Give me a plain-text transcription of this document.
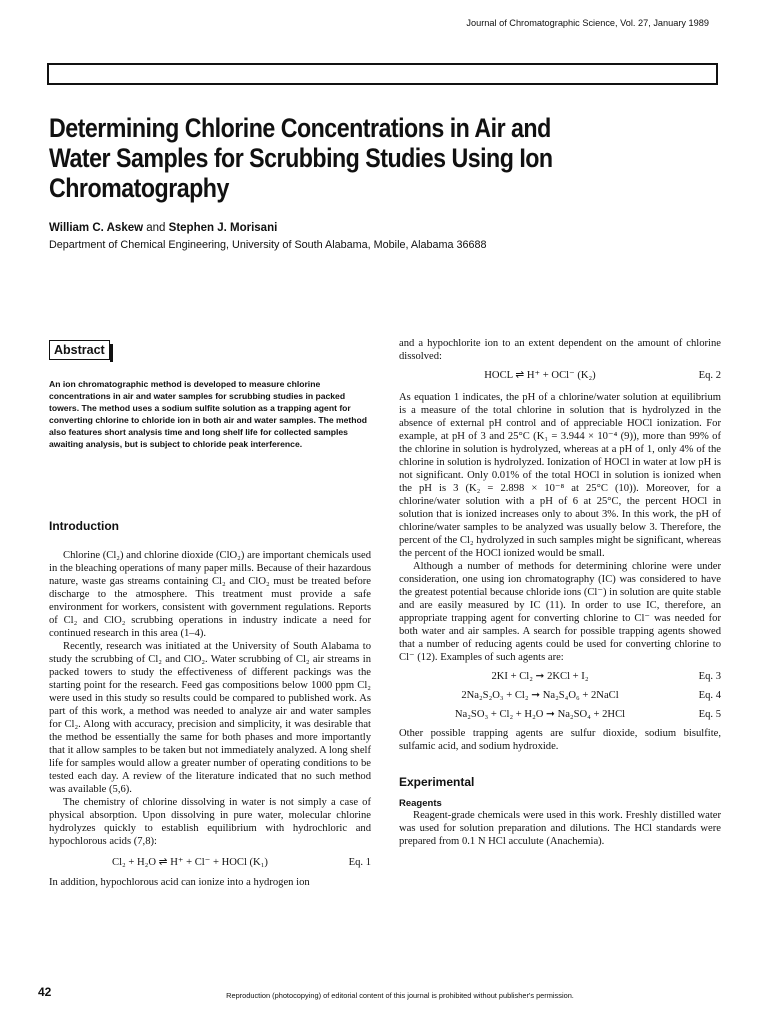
Journal of Chromatographic Science, Vol. 27, January 1989
Determining Chlorine Concentrations in Air and Water Samples for Scrubbing Studies Using Ion Chromatography
William C. Askew and Stephen J. Morisani
Department of Chemical Engineering, University of South Alabama, Mobile, Alabama 36688
Abstract

An ion chromatographic method is developed to measure chlorine concentrations in air and water samples for scrubbing studies in packed towers. The method uses a sodium sulfite solution as a trapping agent for converting chlorine to chloride ion in both air and water samples. The method also features short analysis time and long shelf life for collected samples awaiting analysis, but is subject to chloride peak interference.

Introduction

Chlorine (Cl₂) and chlorine dioxide (ClO₂) are important chemicals used in the bleaching operations of many paper mills. Because of their hazardous nature, waste gas streams containing Cl₂ and ClO₂ must be treated before discharge to the atmosphere. This treatment must provide a safe environment for workers, consistent with government regulations. Reports of Cl₂ and ClO₂ scrubbing operations in industry indicate a need for continued research in this area (1–4).

Recently, research was initiated at the University of South Alabama to study the scrubbing of Cl₂ and ClO₂. Water scrubbing of Cl₂ air streams in packed towers to study the effectiveness of different packings was the starting point for the research. Feed gas compositions below 1000 ppm Cl₂ were used in this study so results could be compared to published work. As part of this work, a method was needed to analyze air and water samples for Cl₂. Along with accuracy, precision and simplicity, it was desirable that the method be essentially the same for both phases and more importantly that it allow samples to be taken but not immediately analyzed. A long shelf life for samples would allow a greater number of operating conditions to be tested each day. A review of the literature indicated that no such method was available (5,6).

The chemistry of chlorine dissolving in water is not simply a case of physical absorption. Upon dissolving in pure water, molecular chlorine hydrolyzes quickly to establish equilibrium with hydrochloric and hypochlorous acids (7,8):

Cl₂ + H₂O ⇌ H⁺ + Cl⁻ + HOCl (K₁)	Eq. 1

In addition, hypochlorous acid can ionize into a hydrogen ion

and a hypochlorite ion to an extent dependent on the amount of chlorine dissolved:

HOCL ⇌ H⁺ + OCl⁻ (K₂)	Eq. 2

As equation 1 indicates, the pH of a chlorine/water solution at equilibrium is a measure of the total chlorine in solution that is hydrolyzed in the absence of external pH control and of appreciable HOCl ionization. For example, at pH of 3 and 25°C (K₁ = 3.944 × 10⁻⁴ (9)), more than 99% of the chlorine in solution is hydrolyzed, whereas at a pH of 1, only 4% of the chlorine in solution is hydrolyzed. Ionization of HOCl in water at low pH is not significant. Only 0.01% of the total HOCl in solution is ionized when the pH is 3 (K₂ = 2.898 × 10⁻⁸ at 25°C (10)). Moreover, for a chlorine/water solution with a pH of 6 at 25°C, the percent HOCl in solution that is ionized increases only to about 3%. In this work, the pH of chlorine/water samples to be analyzed was usually below 3. Therefore, the percent of the Cl₂ hydrolyzed in such samples might be significant, whereas the percent of the HOCl ionized would be small.

Although a number of methods for determining chlorine were under consideration, one using ion chromatography (IC) was considered to have the greatest potential because chloride ions (Cl⁻) in solution are quite stable and are easily measured by IC (11). In order to use IC, therefore, an appropriate trapping agent for converting chlorine to Cl⁻ was needed for both water and air samples. A search for possible trapping agents showed that a number of reducing agents could be used for converting chlorine to Cl⁻ (12). Examples of such agents are:

2KI + Cl₂ ➞ 2KCl + I₂	Eq. 3
2Na₂S₂O₃ + Cl₂ ➞ Na₂S₄O₆ + 2NaCl	Eq. 4
Na₂SO₃ + Cl₂ + H₂O ➞ Na₂SO₄ + 2HCl	Eq. 5

Other possible trapping agents are sulfur dioxide, sodium bisulfite, sulfamic acid, and sodium hydroxide.

Experimental
Reagents

Reagent-grade chemicals were used in this work. Freshly distilled water was used for solution preparation and dilutions. The HCl standards were prepared from 0.1 N HCl acculute (Anachemia).

42	Reproduction (photocopying) of editorial content of this journal is prohibited without publisher's permission.
